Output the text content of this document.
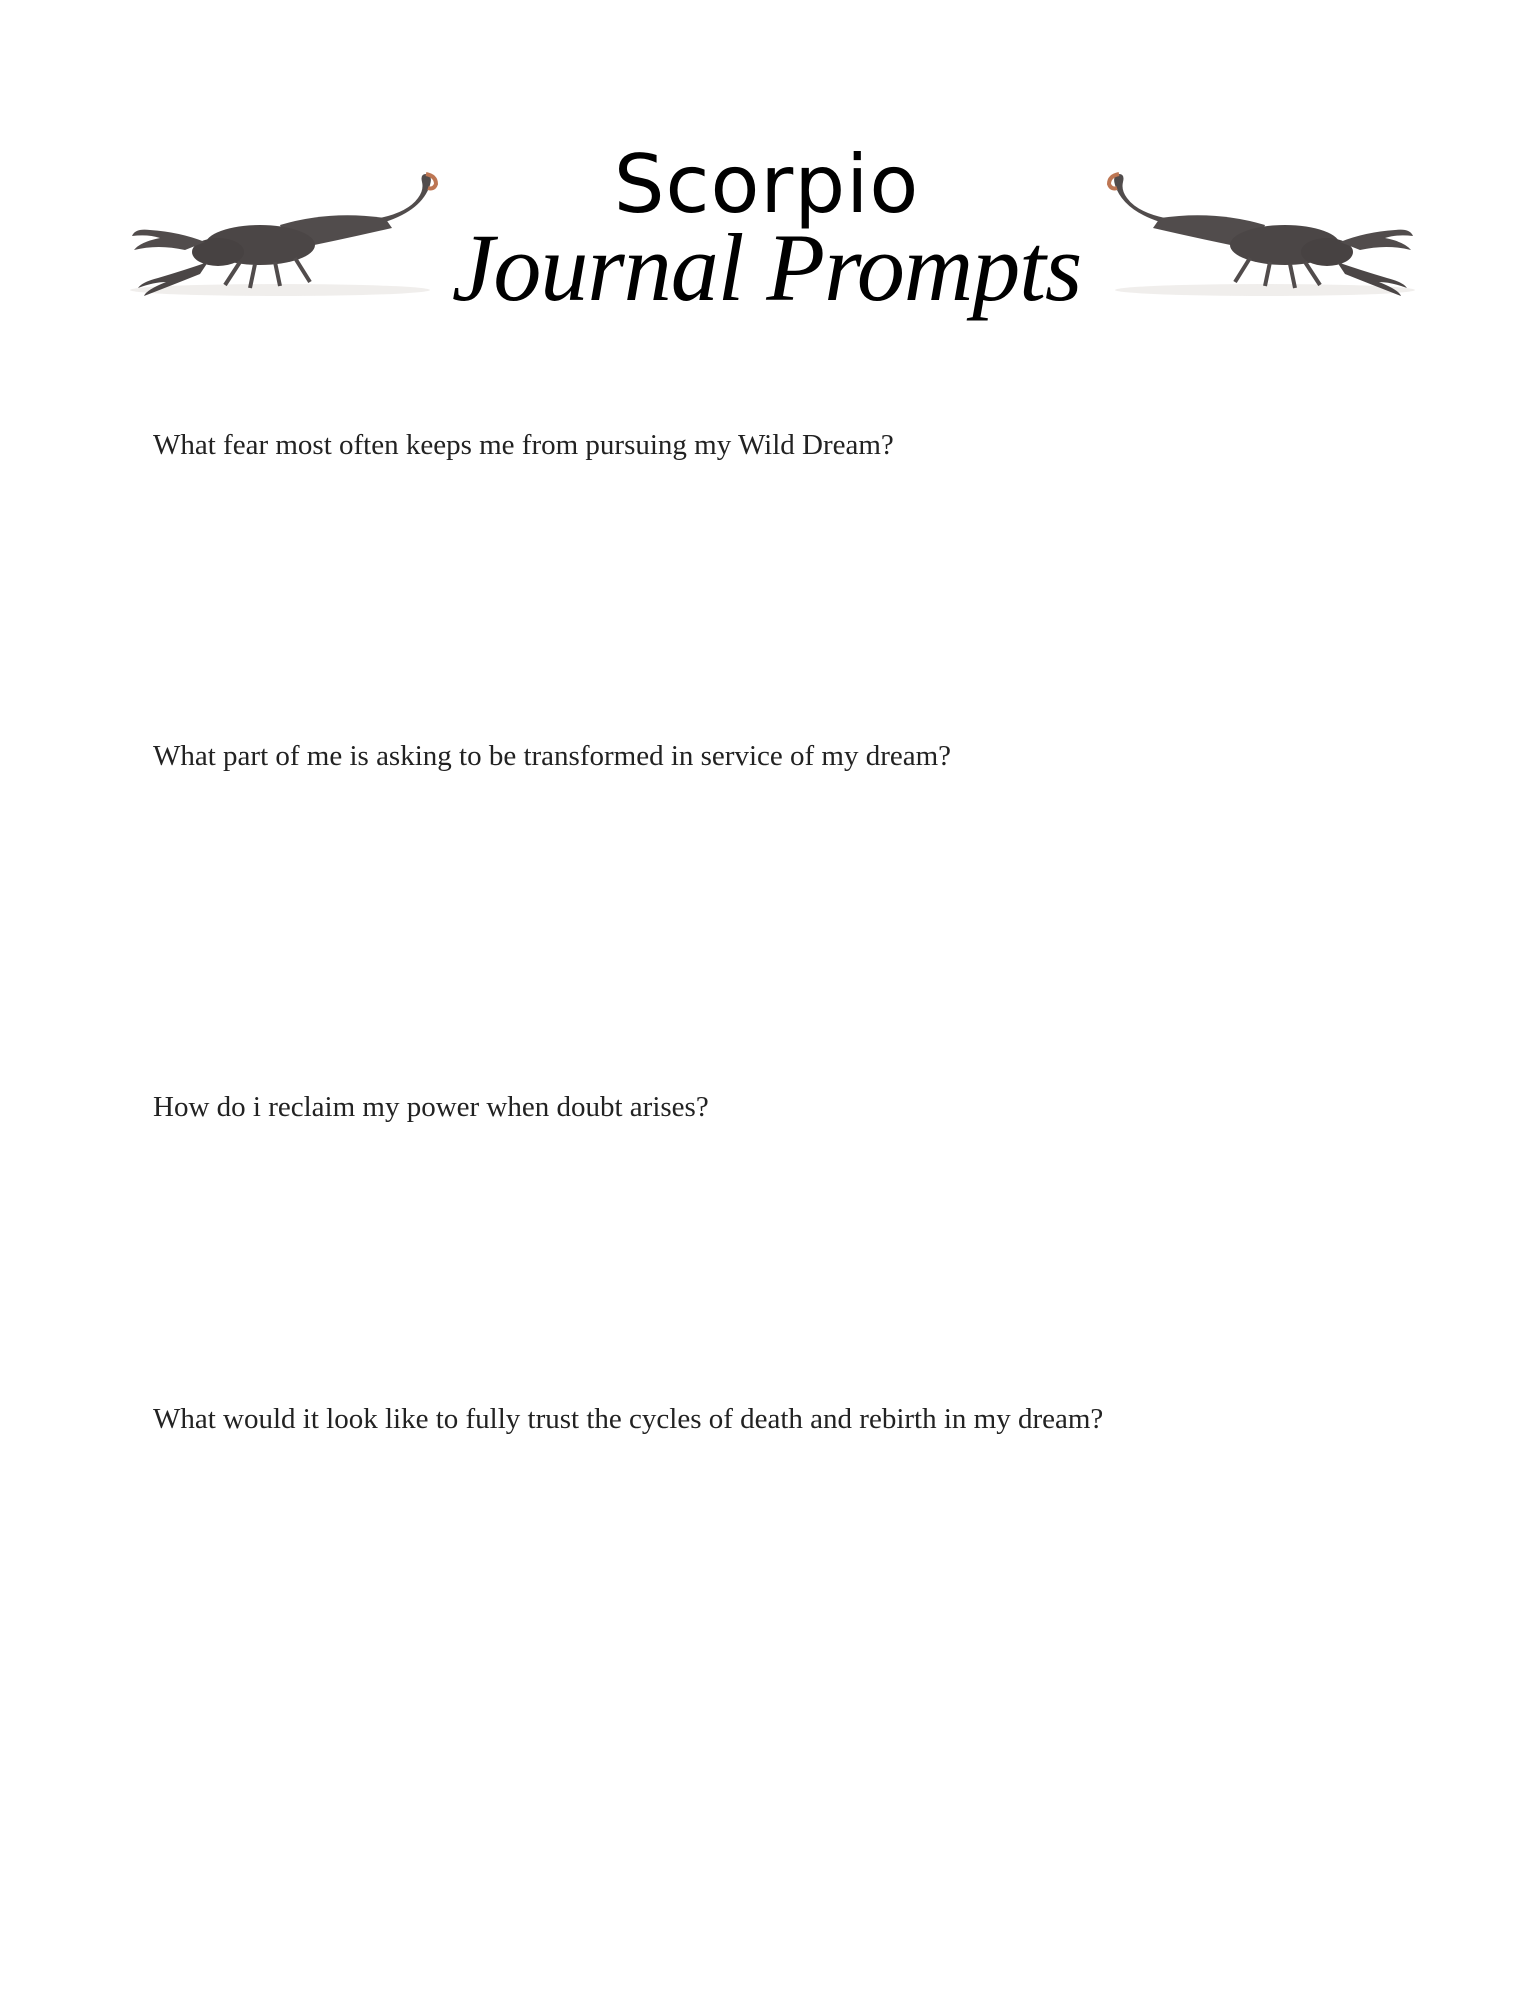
Scorpio
Journal Prompts

What fear most often keeps me from pursuing my Wild Dream?

What part of me is asking to be transformed in service of my dream?

How do i reclaim my power when doubt arises?

What would it look like to fully trust the cycles of death and rebirth in my dream?
